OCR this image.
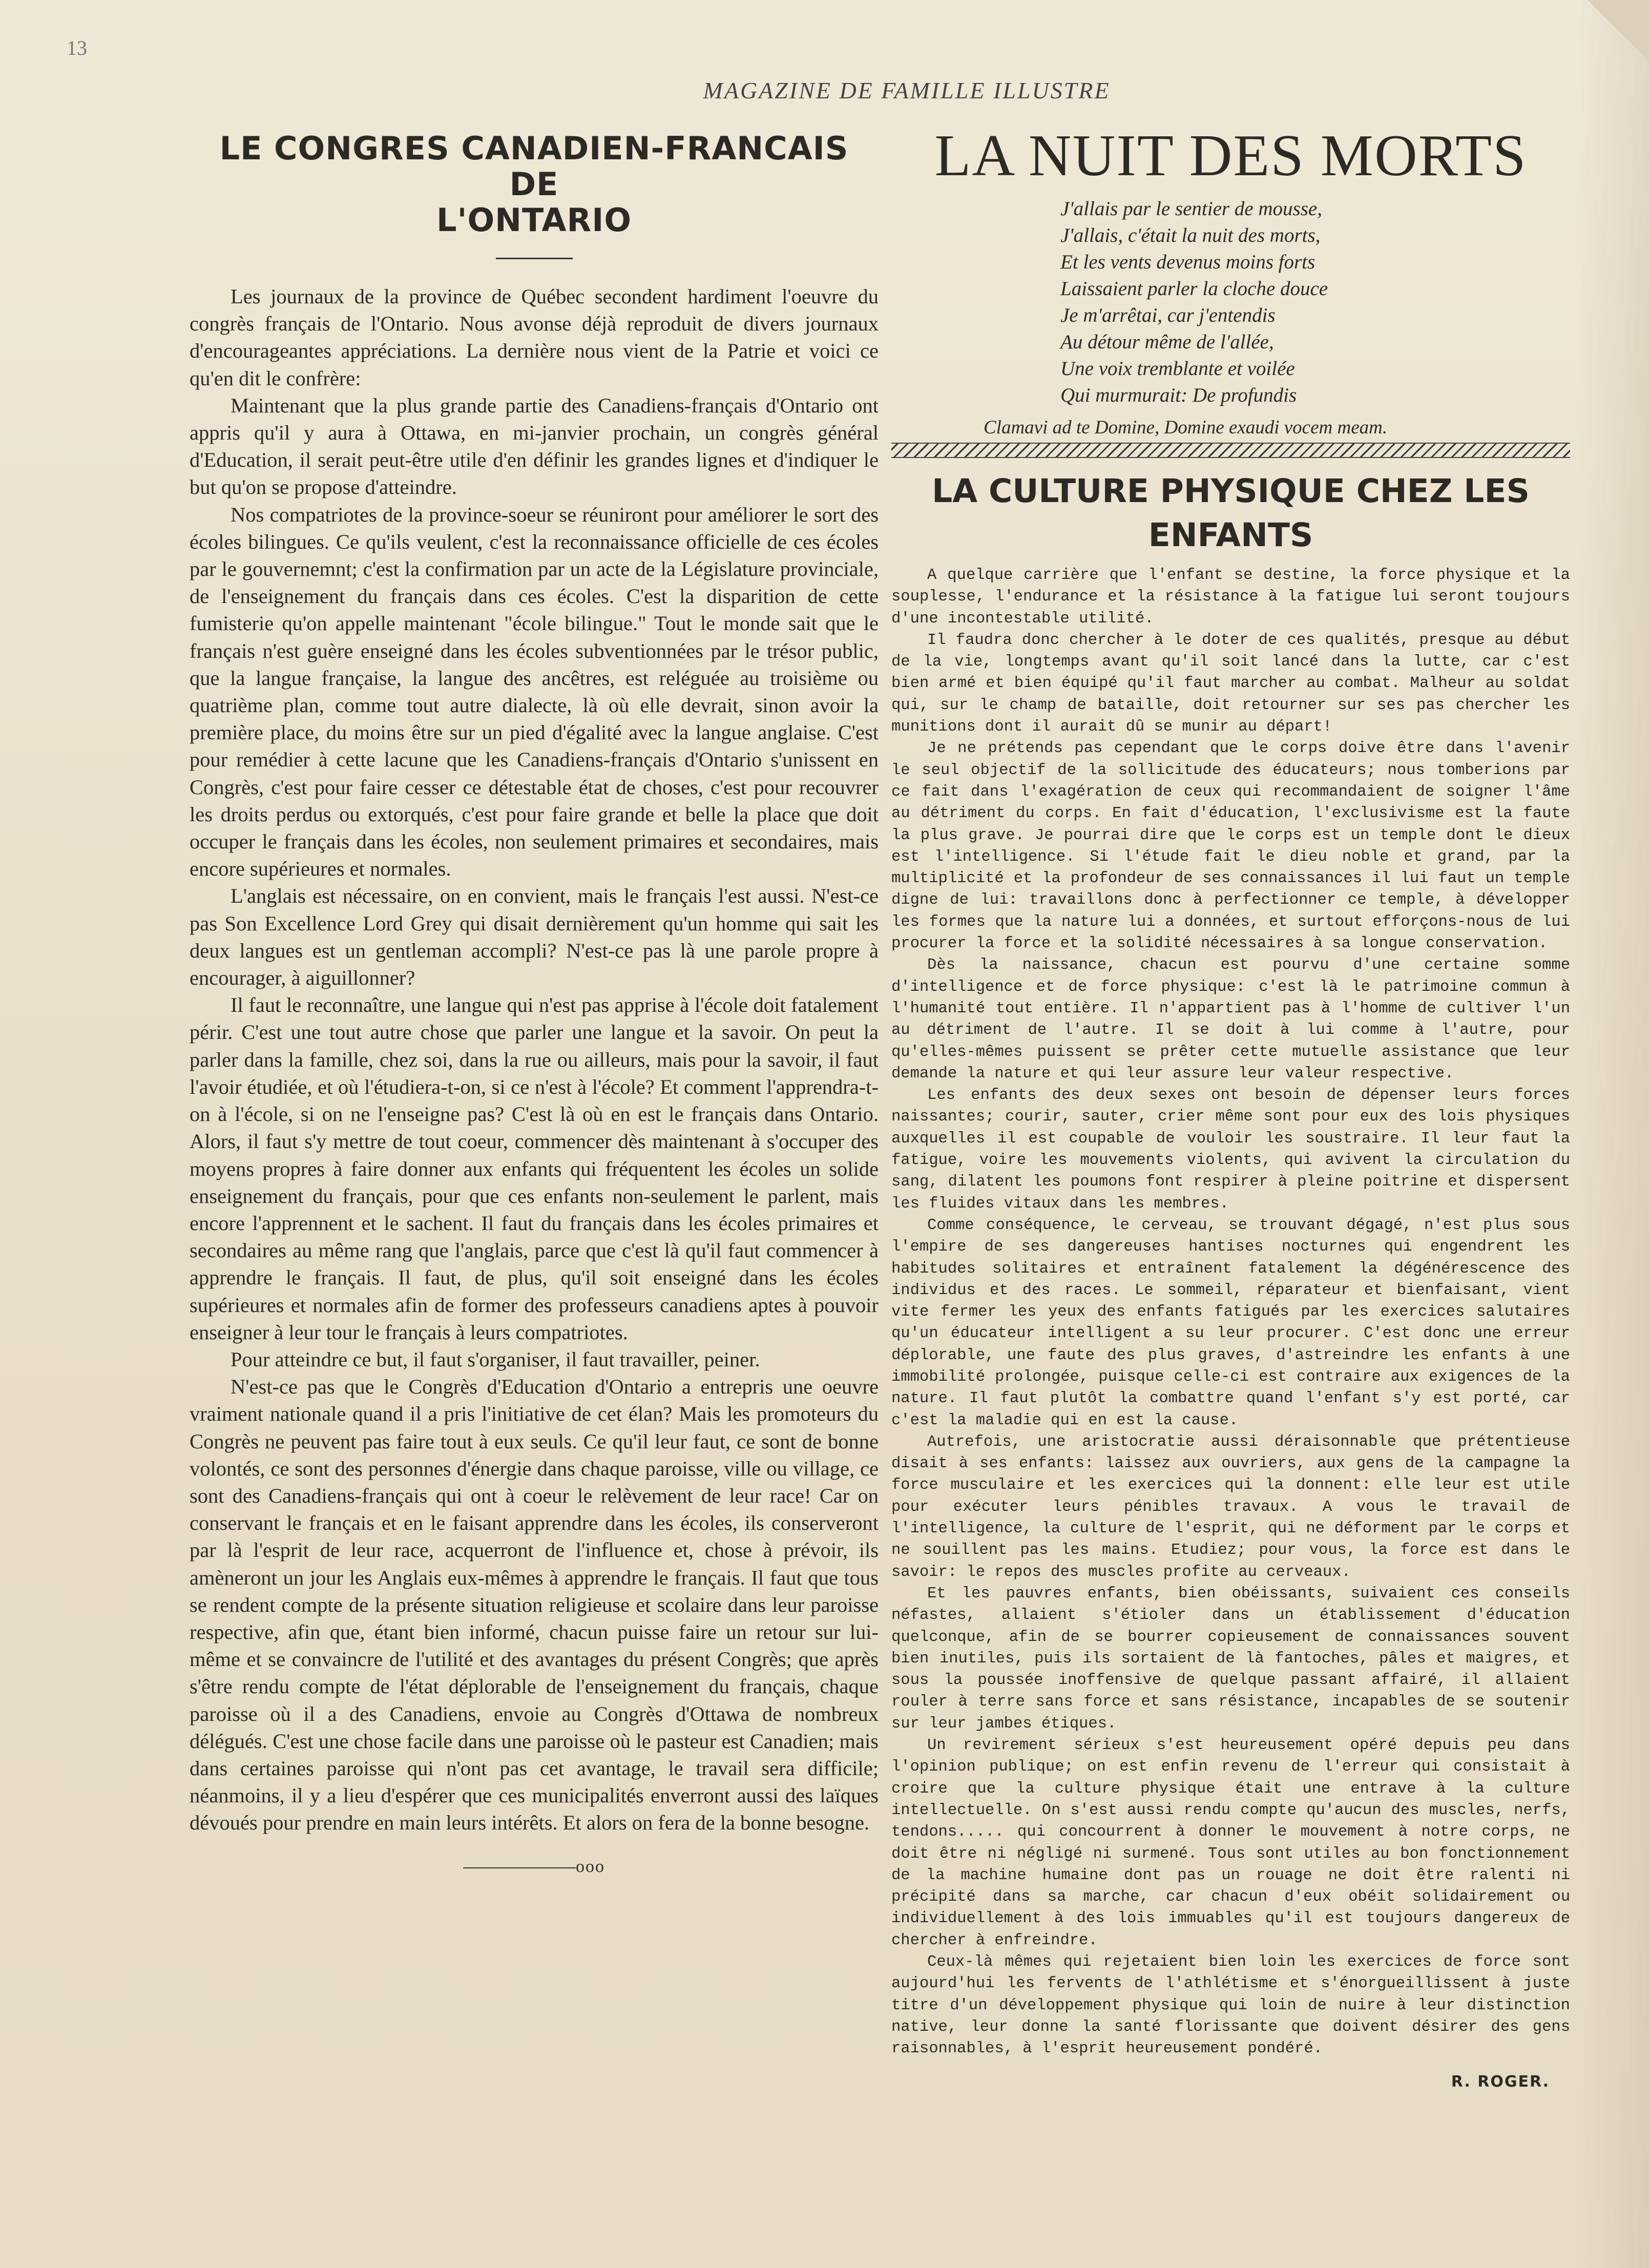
13
MAGAZINE DE FAMILLE ILLUSTRE
LE CONGRES CANADIEN-FRANCAIS DE
L'ONTARIO

Les journaux de la province de Québec secondent hardiment l'oeuvre du congrès français de l'Ontario. Nous avonse déjà reproduit de divers journaux d'encourageantes appréciations. La dernière nous vient de la Patrie et voici ce qu'en dit le confrère:

Maintenant que la plus grande partie des Canadiens-français d'Ontario ont appris qu'il y aura à Ottawa, en mi-janvier prochain, un congrès général d'Education, il serait peut-être utile d'en définir les grandes lignes et d'indiquer le but qu'on se propose d'atteindre.

Nos compatriotes de la province-soeur se réuniront pour améliorer le sort des écoles bilingues. Ce qu'ils veulent, c'est la reconnaissance officielle de ces écoles par le gouvernemnt; c'est la confirmation par un acte de la Législature provinciale, de l'enseignement du français dans ces écoles. C'est la disparition de cette fumisterie qu'on appelle maintenant "école bilingue." Tout le monde sait que le français n'est guère enseigné dans les écoles subventionnées par le trésor public, que la langue française, la langue des ancêtres, est reléguée au troisième ou quatrième plan, comme tout autre dialecte, là où elle devrait, sinon avoir la première place, du moins être sur un pied d'égalité avec la langue anglaise. C'est pour remédier à cette lacune que les Canadiens-français d'Ontario s'unissent en Congrès, c'est pour faire cesser ce détestable état de choses, c'est pour recouvrer les droits perdus ou extorqués, c'est pour faire grande et belle la place que doit occuper le français dans les écoles, non seulement primaires et secondaires, mais encore supérieures et normales.

L'anglais est nécessaire, on en convient, mais le français l'est aussi. N'est-ce pas Son Excellence Lord Grey qui disait dernièrement qu'un homme qui sait les deux langues est un gentleman accompli? N'est-ce pas là une parole propre à encourager, à aiguillonner?

Il faut le reconnaître, une langue qui n'est pas apprise à l'école doit fatalement périr. C'est une tout autre chose que parler une langue et la savoir. On peut la parler dans la famille, chez soi, dans la rue ou ailleurs, mais pour la savoir, il faut l'avoir étudiée, et où l'étudiera-t-on, si ce n'est à l'école? Et comment l'apprendra-t-on à l'école, si on ne l'enseigne pas? C'est là où en est le français dans Ontario. Alors, il faut s'y mettre de tout coeur, commencer dès maintenant à s'occuper des moyens propres à faire donner aux enfants qui fréquentent les écoles un solide enseignement du français, pour que ces enfants non-seulement le parlent, mais encore l'apprennent et le sachent. Il faut du français dans les écoles primaires et secondaires au même rang que l'anglais, parce que c'est là qu'il faut commencer à apprendre le français. Il faut, de plus, qu'il soit enseigné dans les écoles supérieures et normales afin de former des professeurs canadiens aptes à pouvoir enseigner à leur tour le français à leurs compatriotes.

Pour atteindre ce but, il faut s'organiser, il faut travailler, peiner.

N'est-ce pas que le Congrès d'Education d'Ontario a entrepris une oeuvre vraiment nationale quand il a pris l'initiative de cet élan? Mais les promoteurs du Congrès ne peuvent pas faire tout à eux seuls. Ce qu'il leur faut, ce sont de bonne volontés, ce sont des personnes d'énergie dans chaque paroisse, ville ou village, ce sont des Canadiens-français qui ont à coeur le relèvement de leur race! Car on conservant le français et en le faisant apprendre dans les écoles, ils conserveront par là l'esprit de leur race, acquerront de l'influence et, chose à prévoir, ils amèneront un jour les Anglais eux-mêmes à apprendre le français. Il faut que tous se rendent compte de la présente situation religieuse et scolaire dans leur paroisse respective, afin que, étant bien informé, chacun puisse faire un retour sur lui-même et se convaincre de l'utilité et des avantages du présent Congrès; que après s'être rendu compte de l'état déplorable de l'enseignement du français, chaque paroisse où il a des Canadiens, envoie au Congrès d'Ottawa de nombreux délégués. C'est une chose facile dans une paroisse où le pasteur est Canadien; mais dans certaines paroisse qui n'ont pas cet avantage, le travail sera difficile; néanmoins, il y a lieu d'espérer que ces municipalités enverront aussi des laïques dévoués pour prendre en main leurs intérêts. Et alors on fera de la bonne besogne.

ooo
LA NUIT DES MORTS
J'allais par le sentier de mousse,
J'allais, c'était la nuit des morts,
Et les vents devenus moins forts
Laissaient parler la cloche douce
Je m'arrêtai, car j'entendis
Au détour même de l'allée,
Une voix tremblante et voilée
Qui murmurait: De profundis
Clamavi ad te Domine, Domine exaudi vocem meam.
LA CULTURE PHYSIQUE CHEZ LES
ENFANTS

A quelque carrière que l'enfant se destine, la force physique et la souplesse, l'endurance et la résistance à la fatigue lui seront toujours d'une incontestable utilité.

Il faudra donc chercher à le doter de ces qualités, presque au début de la vie, longtemps avant qu'il soit lancé dans la lutte, car c'est bien armé et bien équipé qu'il faut marcher au combat. Malheur au soldat qui, sur le champ de bataille, doit retourner sur ses pas chercher les munitions dont il aurait dû se munir au départ!

Je ne prétends pas cependant que le corps doive être dans l'avenir le seul objectif de la sollicitude des éducateurs; nous tomberions par ce fait dans l'exagération de ceux qui recommandaient de soigner l'âme au détriment du corps. En fait d'éducation, l'exclusivisme est la faute la plus grave. Je pourrai dire que le corps est un temple dont le dieux est l'intelligence. Si l'étude fait le dieu noble et grand, par la multiplicité et la profondeur de ses connaissances il lui faut un temple digne de lui: travaillons donc à perfectionner ce temple, à développer les formes que la nature lui a données, et surtout efforçons-nous de lui procurer la force et la solidité nécessaires à sa longue conservation.

Dès la naissance, chacun est pourvu d'une certaine somme d'intelligence et de force physique: c'est là le patrimoine commun à l'humanité tout entière. Il n'appartient pas à l'homme de cultiver l'un au détriment de l'autre. Il se doit à lui comme à l'autre, pour qu'elles-mêmes puissent se prêter cette mutuelle assistance que leur demande la nature et qui leur assure leur valeur respective.

Les enfants des deux sexes ont besoin de dépenser leurs forces naissantes; courir, sauter, crier même sont pour eux des lois physiques auxquelles il est coupable de vouloir les soustraire. Il leur faut la fatigue, voire les mouvements violents, qui avivent la circulation du sang, dilatent les poumons font respirer à pleine poitrine et dispersent les fluides vitaux dans les membres.

Comme conséquence, le cerveau, se trouvant dégagé, n'est plus sous l'empire de ses dangereuses hantises nocturnes qui engendrent les habitudes solitaires et entraînent fatalement la dégénérescence des individus et des races. Le sommeil, réparateur et bienfaisant, vient vite fermer les yeux des enfants fatigués par les exercices salutaires qu'un éducateur intelligent a su leur procurer. C'est donc une erreur déplorable, une faute des plus graves, d'astreindre les enfants à une immobilité prolongée, puisque celle-ci est contraire aux exigences de la nature. Il faut plutôt la combattre quand l'enfant s'y est porté, car c'est la maladie qui en est la cause.

Autrefois, une aristocratie aussi déraisonnable que prétentieuse disait à ses enfants: laissez aux ouvriers, aux gens de la campagne la force musculaire et les exercices qui la donnent: elle leur est utile pour exécuter leurs pénibles travaux. A vous le travail de l'intelligence, la culture de l'esprit, qui ne déforment par le corps et ne souillent pas les mains. Etudiez; pour vous, la force est dans le savoir: le repos des muscles profite au cerveaux.

Et les pauvres enfants, bien obéissants, suivaient ces conseils néfastes, allaient s'étioler dans un établissement d'éducation quelconque, afin de se bourrer copieusement de connaissances souvent bien inutiles, puis ils sortaient de là fantoches, pâles et maigres, et sous la poussée inoffensive de quelque passant affairé, il allaient rouler à terre sans force et sans résistance, incapables de se soutenir sur leur jambes étiques.

Un revirement sérieux s'est heureusement opéré depuis peu dans l'opinion publique; on est enfin revenu de l'erreur qui consistait à croire que la culture physique était une entrave à la culture intellectuelle. On s'est aussi rendu compte qu'aucun des muscles, nerfs, tendons..... qui concourrent à donner le mouvement à notre corps, ne doit être ni négligé ni surmené. Tous sont utiles au bon fonctionnement de la machine humaine dont pas un rouage ne doit être ralenti ni précipité dans sa marche, car chacun d'eux obéit solidairement ou individuellement à des lois immuables qu'il est toujours dangereux de chercher à enfreindre.

Ceux-là mêmes qui rejetaient bien loin les exercices de force sont aujourd'hui les fervents de l'athlétisme et s'énorgueillissent à juste titre d'un développement physique qui loin de nuire à leur distinction native, leur donne la santé florissante que doivent désirer des gens raisonnables, à l'esprit heureusement pondéré.

R. ROGER.
